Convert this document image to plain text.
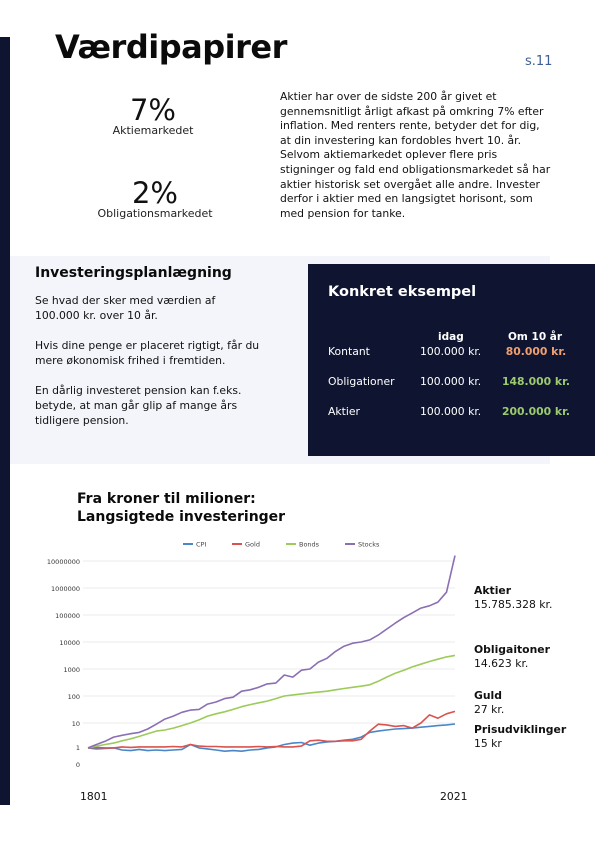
Værdipapirer	s.11
7%
Aktiemarkedet
2%
Obligationsmarkedet

Aktier har over de sidste 200 år givet et gennemsnitligt årligt afkast på omkring 7% efter inflation. Med renters rente, betyder det for dig, at din investering kan fordobles hvert 10. år. Selvom aktiemarkedet oplever flere pris stigninger og fald end obligationsmarkedet så har aktier historisk set overgået alle andre. Invester derfor i aktier med en langsigtet horisont, som med pension for tanke.

Investeringsplanlægning

Se hvad der sker med værdien af 100.000 kr. over 10 år.

Hvis dine penge er placeret rigtigt, får du mere økonomisk frihed i fremtiden.

En dårlig investeret pension kan f.eks. betyde, at man går glip af mange års tidligere pension.

Konkret eksempel
idag	Om 10 år
Kontant	100.000 kr.	80.000 kr.
Obligationer 100.000 kr. 148.000 kr.
Aktier	100.000 kr. 200.000 kr.
Fra kroner til milioner:
Langsigtede investeringer
10000000
1000000
100000
10000
1000
100
10
1
0
CPI	Gold	Bonds	Stocks
Aktier
15.785.328 kr.
Obligaitoner
14.623 kr.
Guld
27 kr.
Prisudviklinger
15 kr
1801	2021
